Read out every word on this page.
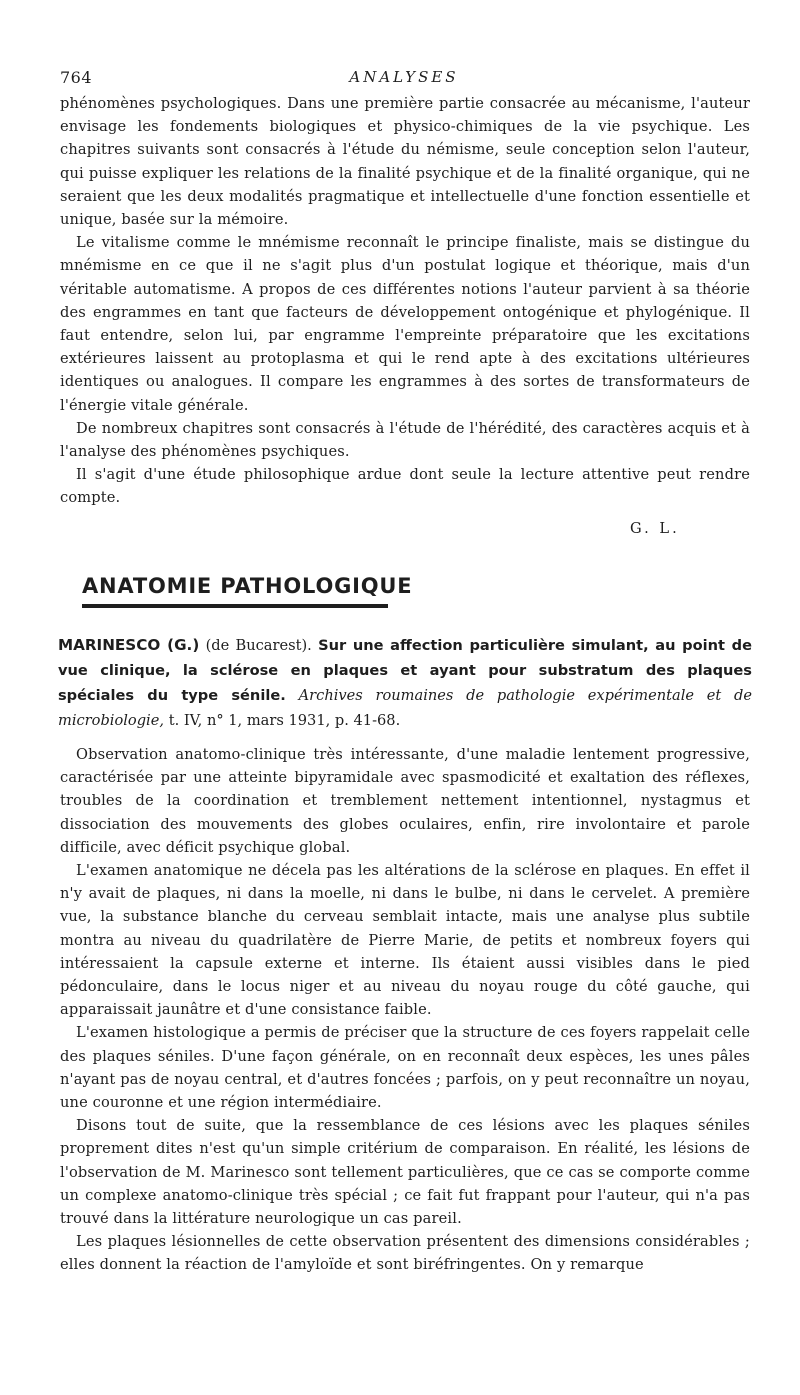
764	ANALYSES

phénomènes psychologiques. Dans une première partie consacrée au mécanisme, l'auteur envisage les fondements biologiques et physico-chimiques de la vie psychique. Les chapitres suivants sont consacrés à l'étude du némisme, seule conception selon l'auteur, qui puisse expliquer les relations de la finalité psychique et de la finalité organique, qui ne seraient que les deux modalités pragmatique et intellectuelle d'une fonction essentielle et unique, basée sur la mémoire.

Le vitalisme comme le mnémisme reconnaît le principe finaliste, mais se distingue du mnémisme en ce que il ne s'agit plus d'un postulat logique et théorique, mais d'un véritable automatisme. A propos de ces différentes notions l'auteur parvient à sa théorie des engrammes en tant que facteurs de développement ontogénique et phylogénique. Il faut entendre, selon lui, par engramme l'empreinte préparatoire que les excitations extérieures laissent au protoplasma et qui le rend apte à des excitations ultérieures identiques ou analogues. Il compare les engrammes à des sortes de transformateurs de l'énergie vitale générale.

De nombreux chapitres sont consacrés à l'étude de l'hérédité, des caractères acquis et à l'analyse des phénomènes psychiques.

Il s'agit d'une étude philosophique ardue dont seule la lecture attentive peut rendre compte.

G. L.
ANATOMIE PATHOLOGIQUE
MARINESCO (G.) (de Bucarest). Sur une affection particulière simulant, au point de vue clinique, la sclérose en plaques et ayant pour substratum des plaques spéciales du type sénile. Archives roumaines de pathologie expérimentale et de microbiologie, t. IV, n° 1, mars 1931, p. 41-68.

Observation anatomo-clinique très intéressante, d'une maladie lentement progressive, caractérisée par une atteinte bipyramidale avec spasmodicité et exaltation des réflexes, troubles de la coordination et tremblement nettement intentionnel, nystagmus et dissociation des mouvements des globes oculaires, enfin, rire involontaire et parole difficile, avec déficit psychique global.

L'examen anatomique ne décela pas les altérations de la sclérose en plaques. En effet il n'y avait de plaques, ni dans la moelle, ni dans le bulbe, ni dans le cervelet. A première vue, la substance blanche du cerveau semblait intacte, mais une analyse plus subtile montra au niveau du quadrilatère de Pierre Marie, de petits et nombreux foyers qui intéressaient la capsule externe et interne. Ils étaient aussi visibles dans le pied pédonculaire, dans le locus niger et au niveau du noyau rouge du côté gauche, qui apparaissait jaunâtre et d'une consistance faible.

L'examen histologique a permis de préciser que la structure de ces foyers rappelait celle des plaques séniles. D'une façon générale, on en reconnaît deux espèces, les unes pâles n'ayant pas de noyau central, et d'autres foncées ; parfois, on y peut reconnaître un noyau, une couronne et une région intermédiaire.

Disons tout de suite, que la ressemblance de ces lésions avec les plaques séniles proprement dites n'est qu'un simple critérium de comparaison. En réalité, les lésions de l'observation de M. Marinesco sont tellement particulières, que ce cas se comporte comme un complexe anatomo-clinique très spécial ; ce fait fut frappant pour l'auteur, qui n'a pas trouvé dans la littérature neurologique un cas pareil.

Les plaques lésionnelles de cette observation présentent des dimensions considérables ; elles donnent la réaction de l'amyloïde et sont biréfringentes. On y remarque
